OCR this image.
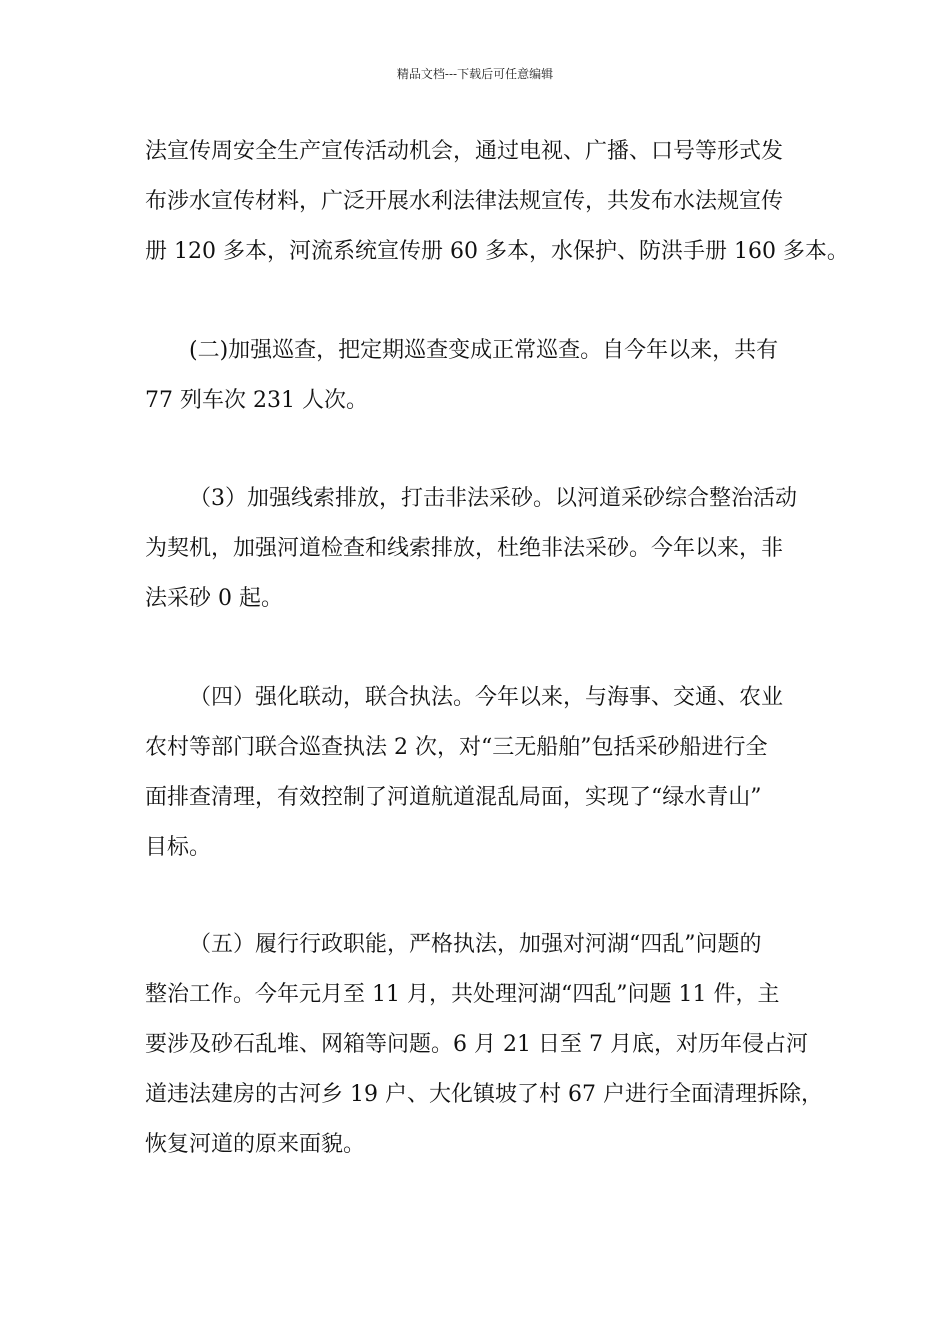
精品文档---下载后可任意编辑
法宣传周安全生产宣传活动机会，通过电视、广播、口号等形式发
布涉水宣传材料，广泛开展水利法律法规宣传，共发布水法规宣传
册 120 多本，河流系统宣传册 60 多本，水保护、防洪手册 160 多本。
(二)加强巡查，把定期巡查变成正常巡查。自今年以来，共有
77 列车次 231 人次。
（3）加强线索排放，打击非法采砂。以河道采砂综合整治活动
为契机，加强河道检查和线索排放，杜绝非法采砂。今年以来，非
法采砂 0 起。
（四）强化联动，联合执法。今年以来，与海事、交通、农业
农村等部门联合巡查执法 2 次，对“三无船舶”包括采砂船进行全
面排查清理，有效控制了河道航道混乱局面，实现了“绿水青山”
目标。
（五）履行行政职能，严格执法，加强对河湖“四乱”问题的
整治工作。今年元月至 11 月，共处理河湖“四乱”问题 11 件，主
要涉及砂石乱堆、网箱等问题。6 月 21 日至 7 月底，对历年侵占河
道违法建房的古河乡 19 户、大化镇坡了村 67 户进行全面清理拆除，
恢复河道的原来面貌。
